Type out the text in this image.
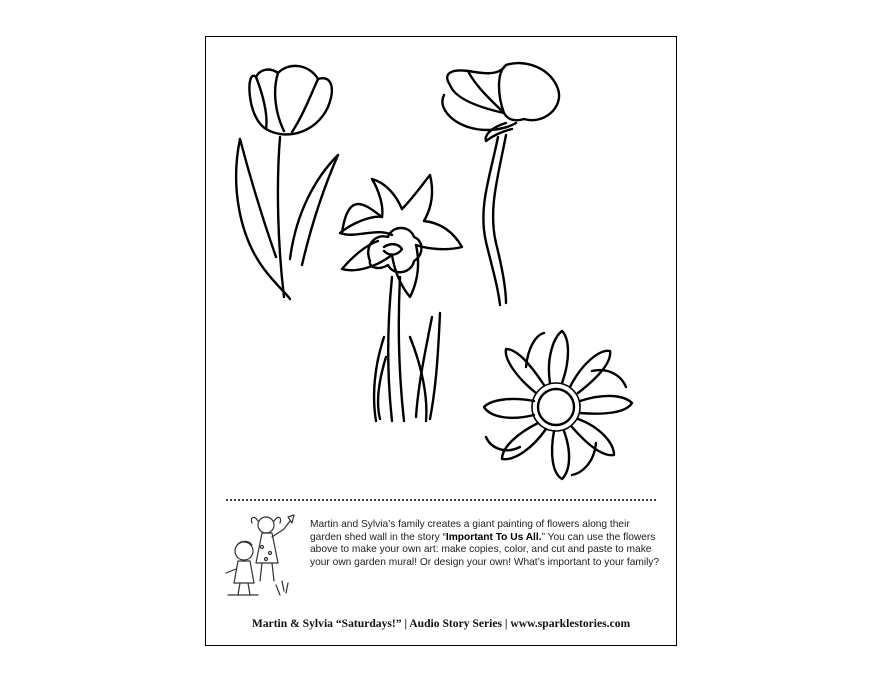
Martin and Sylvia’s family creates a giant painting of flowers along their garden shed wall in the story “Important To Us All.” You can use the flowers above to make your own art: make copies, color, and cut and paste to make your own garden mural! Or design your own! What’s important to your family?
Martin & Sylvia “Saturdays!” | Audio Story Series | www.sparklestories.com
